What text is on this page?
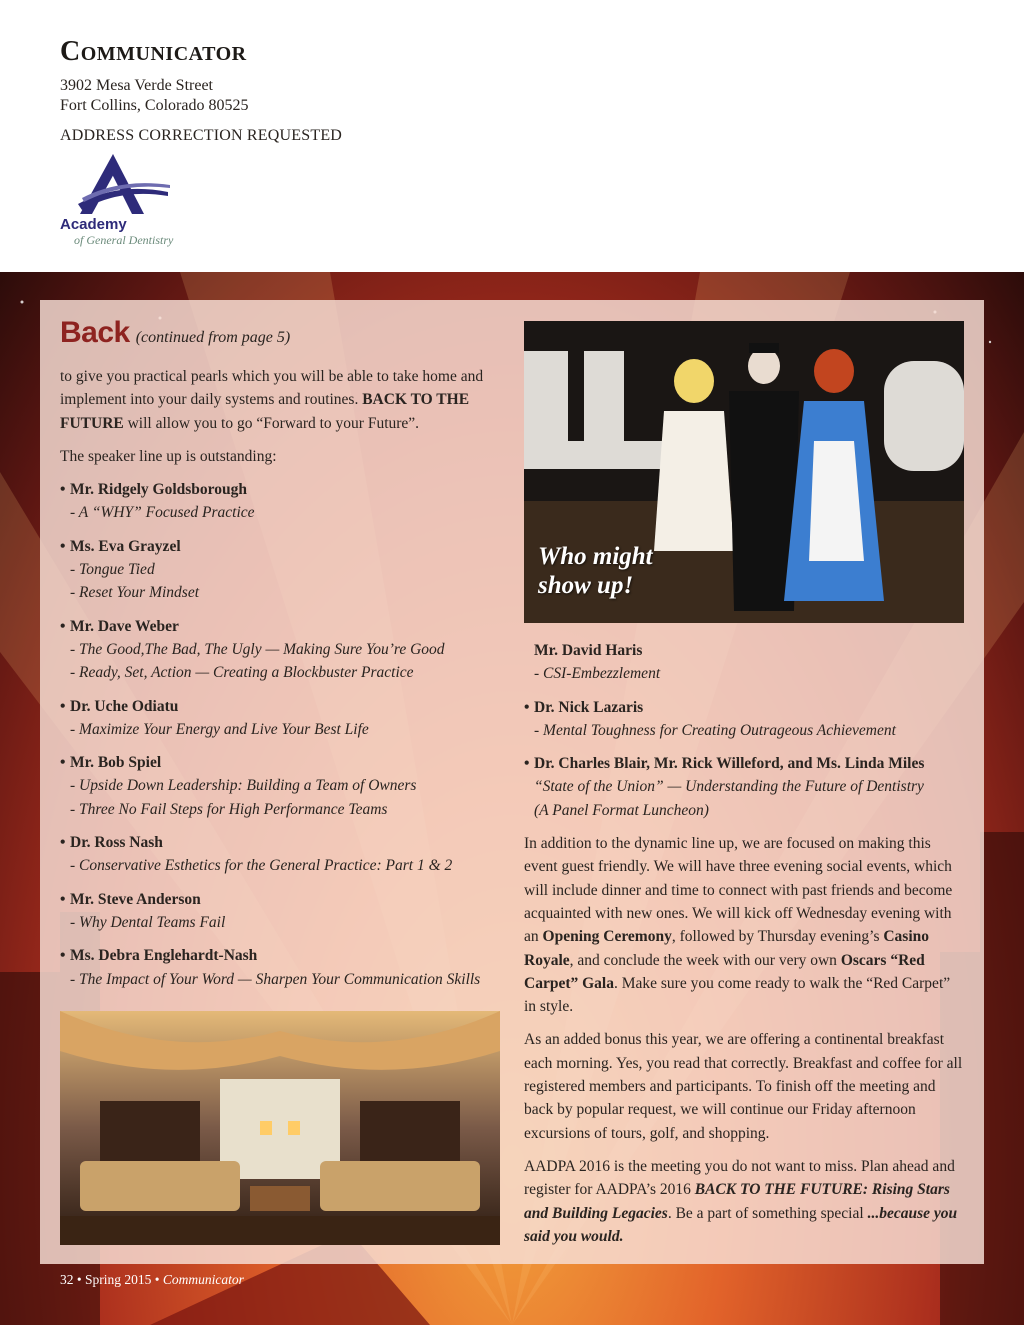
Communicator
3902 Mesa Verde Street
Fort Collins, Colorado 80525
ADDRESS CORRECTION REQUESTED
Academy
of General Dentistry
Back (continued from page 5)

to give you practical pearls which you will be able to take home and implement into your daily systems and routines. BACK TO THE FUTURE will allow you to go “Forward to your Future”.

The speaker line up is outstanding:

• Mr. Ridgely Goldsborough
- A “WHY” Focused Practice
• Ms. Eva Grayzel
- Tongue Tied
- Reset Your Mindset
• Mr. Dave Weber
- The Good,The Bad, The Ugly — Making Sure You’re Good
- Ready, Set, Action — Creating a Blockbuster Practice
• Dr. Uche Odiatu
- Maximize Your Energy and Live Your Best Life
• Mr. Bob Spiel
- Upside Down Leadership: Building a Team of Owners
- Three No Fail Steps for High Performance Teams
• Dr. Ross Nash
- Conservative Esthetics for the General Practice: Part 1 & 2
• Mr. Steve Anderson
- Why Dental Teams Fail
• Ms. Debra Englehardt-Nash
- The Impact of Your Word — Sharpen Your Communication Skills
Who might
show up!
Mr. David Haris
- CSI-Embezzlement
• Dr. Nick Lazaris
- Mental Toughness for Creating Outrageous Achievement
• Dr. Charles Blair, Mr. Rick Willeford, and Ms. Linda Miles
“State of the Union” — Understanding the Future of Dentistry
(A Panel Format Luncheon)

In addition to the dynamic line up, we are focused on making this event guest friendly. We will have three evening social events, which will include dinner and time to connect with past friends and become acquainted with new ones. We will kick off Wednesday evening with an Opening Ceremony, followed by Thursday evening’s Casino Royale, and conclude the week with our very own Oscars “Red Carpet” Gala. Make sure you come ready to walk the “Red Carpet” in style.

As an added bonus this year, we are offering a continental breakfast each morning. Yes, you read that correctly. Breakfast and coffee for all registered members and participants. To finish off the meeting and back by popular request, we will continue our Friday afternoon excursions of tours, golf, and shopping.

AADPA 2016 is the meeting you do not want to miss. Plan ahead and register for AADPA’s 2016 BACK TO THE FUTURE: Rising Stars and Building Legacies. Be a part of something special ...because you said you would.

32 • Spring 2015 • Communicator
